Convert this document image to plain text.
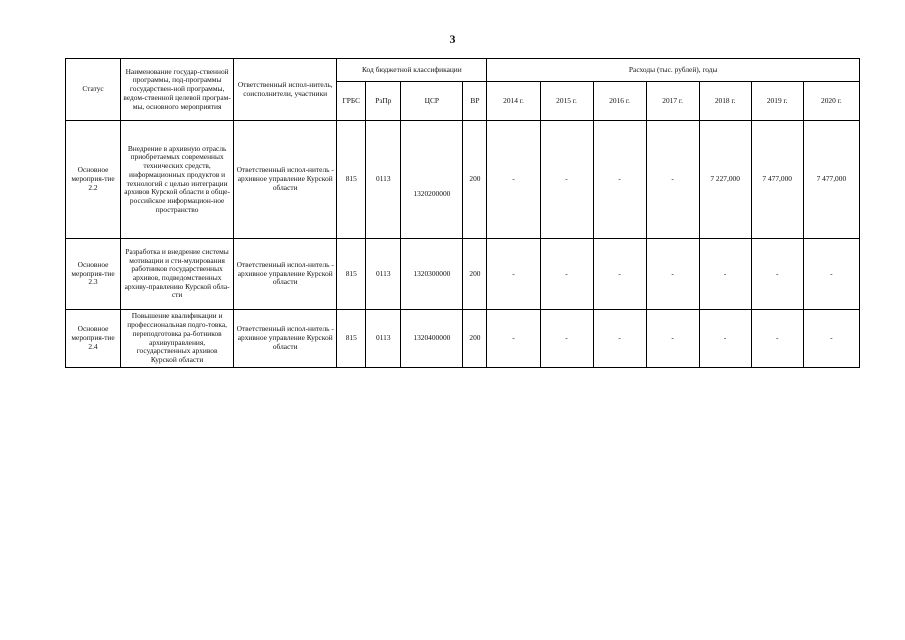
3
Статус	Наименование государ-ственной программы, под-программы государствен-ной программы, ведом-ственной целевой програм-мы, основного мероприятия	Ответственный испол-нитель, соисполнители, участники	Код бюджетной классификации				Расходы (тыс. рублей), годы						
			ГРБС	РзПр	ЦСР	ВР	2014 г.	2015 г.	2016 г.	2017 г.	2018 г.	2019 г.	2020 г.
Основное мероприя-тие 2.2	Внедрение в архивную отрасль приобретаемых современных технических средств, информационных продуктов и технологий с целью интеграции архивов Курской области в обще-российское информацион-ное пространство	Ответственный испол-нитель - архивное управление Курской области	815	0113	1320200000	200	-	-	-	-	7 227,000	7 477,000	7 477,000
Основное мероприя-тие 2.3	Разработка и внедрение системы мотивации и сти-мулирования работников государственных архивов, подведомственных архиву-правлению Курской обла-сти	Ответственный испол-нитель - архивное управление Курской области	815	0113	1320300000	200	-	-	-	-	-	-	-
Основное мероприя-тие 2.4	Повышение квалификации и профессиональная подго-товка, переподготовка ра-ботников архивуправления, государственных архивов Курской области	Ответственный испол-нитель - архивное управление Курской области	815	0113	1320400000	200	-	-	-	-	-	-	-
